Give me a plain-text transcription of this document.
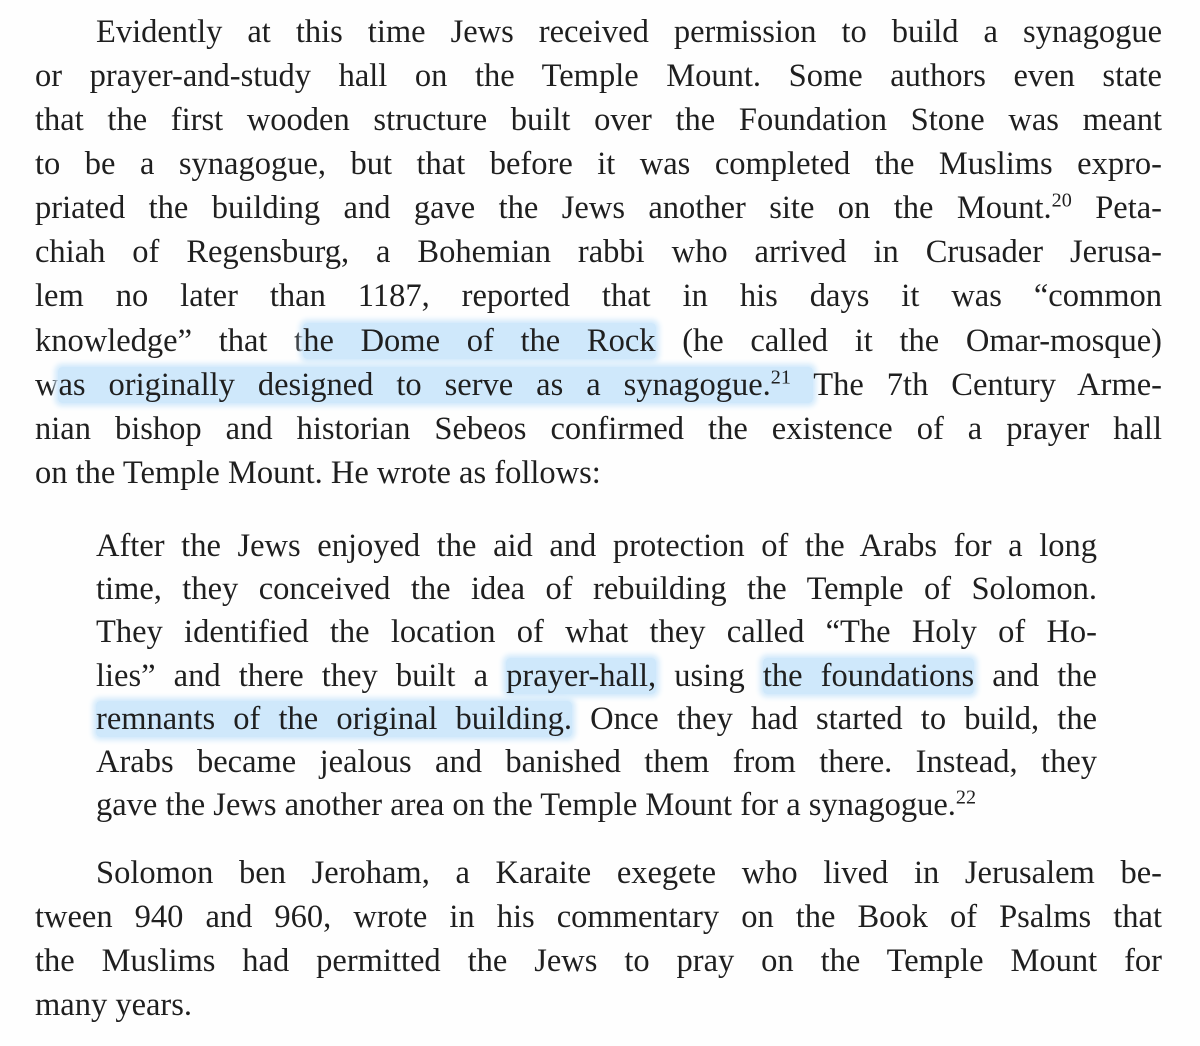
Evidently at this time Jews received permission to build a synagogue

or prayer-and-study hall on the Temple Mount. Some authors even state

that the first wooden structure built over the Foundation Stone was meant

to be a synagogue, but that before it was completed the Muslims expro-

priated the building and gave the Jews another site on the Mount.$^{20}$ Peta-

chiah of Regensburg, a Bohemian rabbi who arrived in Crusader Jerusa-

lem no later than 1187, reported that in his days it was “common

knowledge” that the Dome of the Rock (he called it the Omar-mosque)

was originally designed to serve as a synagogue.$^{21}$ The 7th Century Arme-

nian bishop and historian Sebeos confirmed the existence of a prayer hall

on the Temple Mount. He wrote as follows:

After the Jews enjoyed the aid and protection of the Arabs for a long

time, they conceived the idea of rebuilding the Temple of Solomon.

They identified the location of what they called “The Holy of Ho-

lies” and there they built a prayer-hall, using the foundations and the

remnants of the original building. Once they had started to build, the

Arabs became jealous and banished them from there. Instead, they

gave the Jews another area on the Temple Mount for a synagogue.$^{22}$

Solomon ben Jeroham, a Karaite exegete who lived in Jerusalem be-

tween 940 and 960, wrote in his commentary on the Book of Psalms that

the Muslims had permitted the Jews to pray on the Temple Mount for

many years.
